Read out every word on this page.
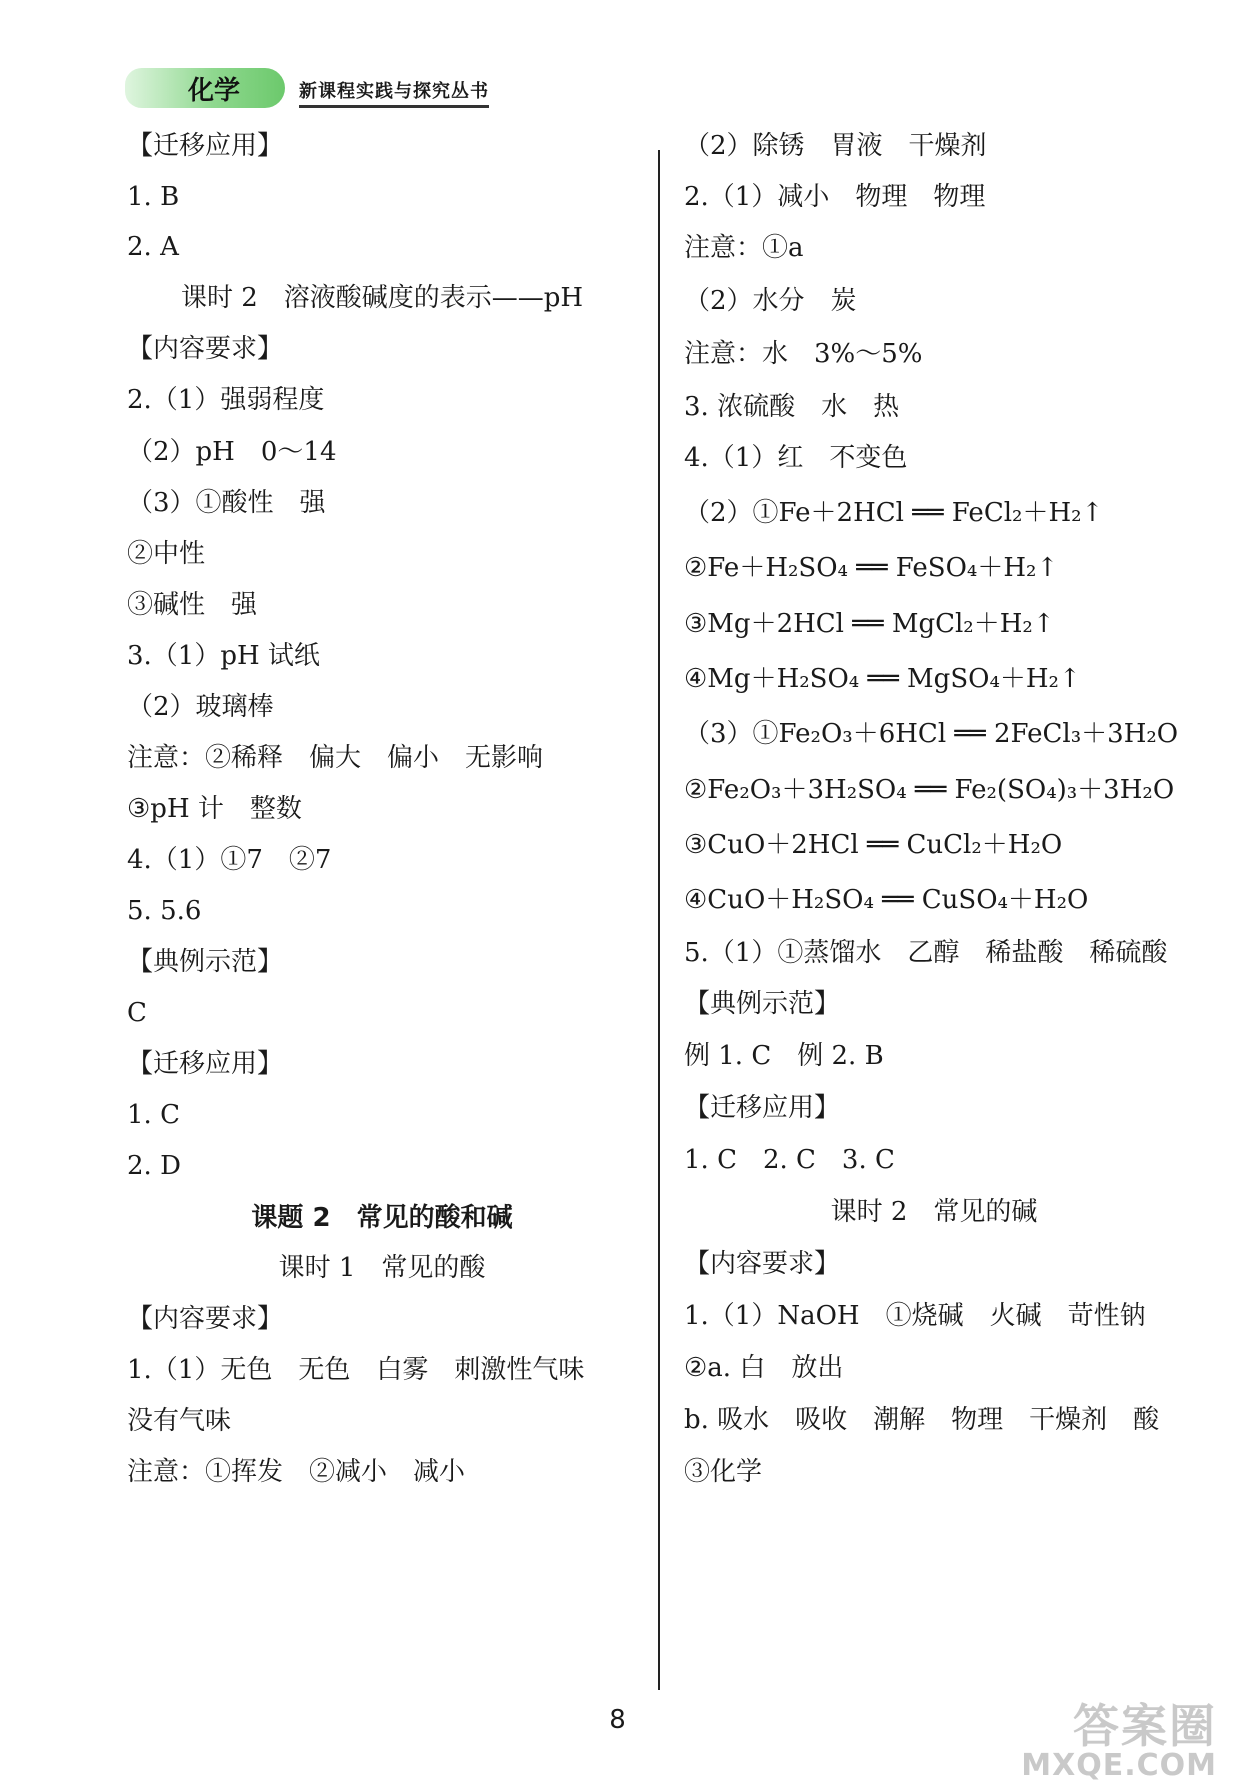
化学	新课程实践与探究丛书
【迁移应用】
1. B
2. A
课时 2　溶液酸碱度的表示——pH
【内容要求】
2.（1）强弱程度
（2）pH　0～14
（3）①酸性　强
②中性
③碱性　强
3.（1）pH 试纸
（2）玻璃棒
注意：②稀释　偏大　偏小　无影响
③pH 计　整数
4.（1）①7　②7
5. 5.6
【典例示范】
C
【迁移应用】
1. C
2. D
课题 2　常见的酸和碱
课时 1　常见的酸
【内容要求】
1.（1）无色　无色　白雾　刺激性气味
没有气味
注意：①挥发　②减小　减小
（2）除锈　胃液　干燥剂
2.（1）减小　物理　物理
注意：①a
（2）水分　炭
注意：水　3%～5%
3. 浓硫酸　水　热
4.（1）红　不变色
（2）①Fe＋2HCl ══ FeCl₂＋H₂↑
②Fe＋H₂SO₄ ══ FeSO₄＋H₂↑
③Mg＋2HCl ══ MgCl₂＋H₂↑
④Mg＋H₂SO₄ ══ MgSO₄＋H₂↑
（3）①Fe₂O₃＋6HCl ══ 2FeCl₃＋3H₂O
②Fe₂O₃＋3H₂SO₄ ══ Fe₂(SO₄)₃＋3H₂O
③CuO＋2HCl ══ CuCl₂＋H₂O
④CuO＋H₂SO₄ ══ CuSO₄＋H₂O
5.（1）①蒸馏水　乙醇　稀盐酸　稀硫酸
【典例示范】
例 1. C　例 2. B
【迁移应用】
1. C　2. C　3. C
课时 2　常见的碱
【内容要求】
1.（1）NaOH　①烧碱　火碱　苛性钠
②a. 白　放出
b. 吸水　吸收　潮解　物理　干燥剂　酸
③化学
8	答案圈
MXQE.COM
